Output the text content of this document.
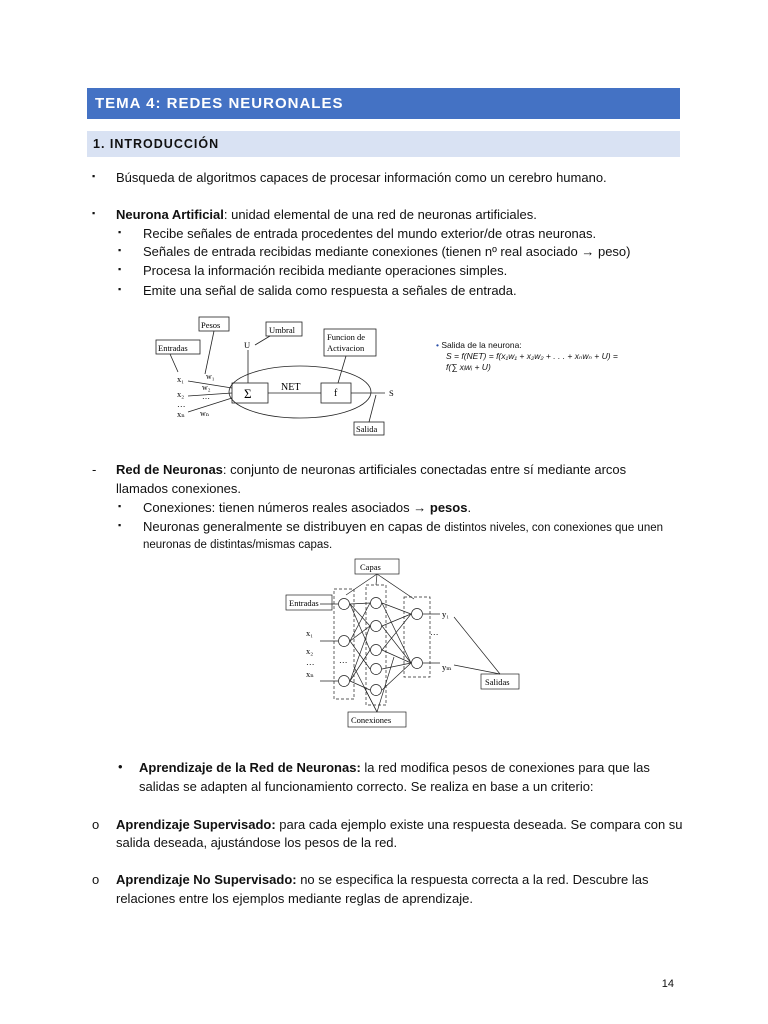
TEMA 4: REDES NEURONALES
1. INTRODUCCIÓN
▪ Búsqueda de algoritmos capaces de procesar información como un cerebro humano.
▪ Neurona Artificial: unidad elemental de una red de neuronas artificiales.
▪ Recibe señales de entrada procedentes del mundo exterior/de otras neuronas.
▪ Señales de entrada recibidas mediante conexiones (tienen nº real asociado → peso)
▪ Procesa la información recibida mediante operaciones simples.
▪ Emite una señal de salida como respuesta a señales de entrada.
Pesos	Umbral
Funcion de
Activacion
Entradas	U
Σ	NET
f	S
Salida
x₁
x₂
…
xₙ
w₁
w₂
…
wₙ
• Salida de la neurona:
S = f(NET) = f(x₁w₁ + x₂w₂ + . . . + xₙwₙ + U) =
f(∑ xᵢwᵢ + U)
- Red de Neuronas: conjunto de neuronas artificiales conectadas entre sí mediante arcos
llamados conexiones.
▪ Conexiones: tienen números reales asociados → pesos.
▪ Neuronas generalmente se distribuyen en capas de distintos niveles, con conexiones que unen
neuronas de distintas/mismas capas.
Capas
Entradas
Conexiones
Salidas
x₁
x₂
…
xₙ
y₁
…
yₘ
…
• Aprendizaje de la Red de Neuronas: la red modifica pesos de conexiones para que las
salidas se adapten al funcionamiento correcto. Se realiza en base a un criterio:
o Aprendizaje Supervisado: para cada ejemplo existe una respuesta deseada. Se compara con su
salida deseada, ajustándose los pesos de la red.
o Aprendizaje No Supervisado: no se especifica la respuesta correcta a la red. Descubre las
relaciones entre los ejemplos mediante reglas de aprendizaje.
14
